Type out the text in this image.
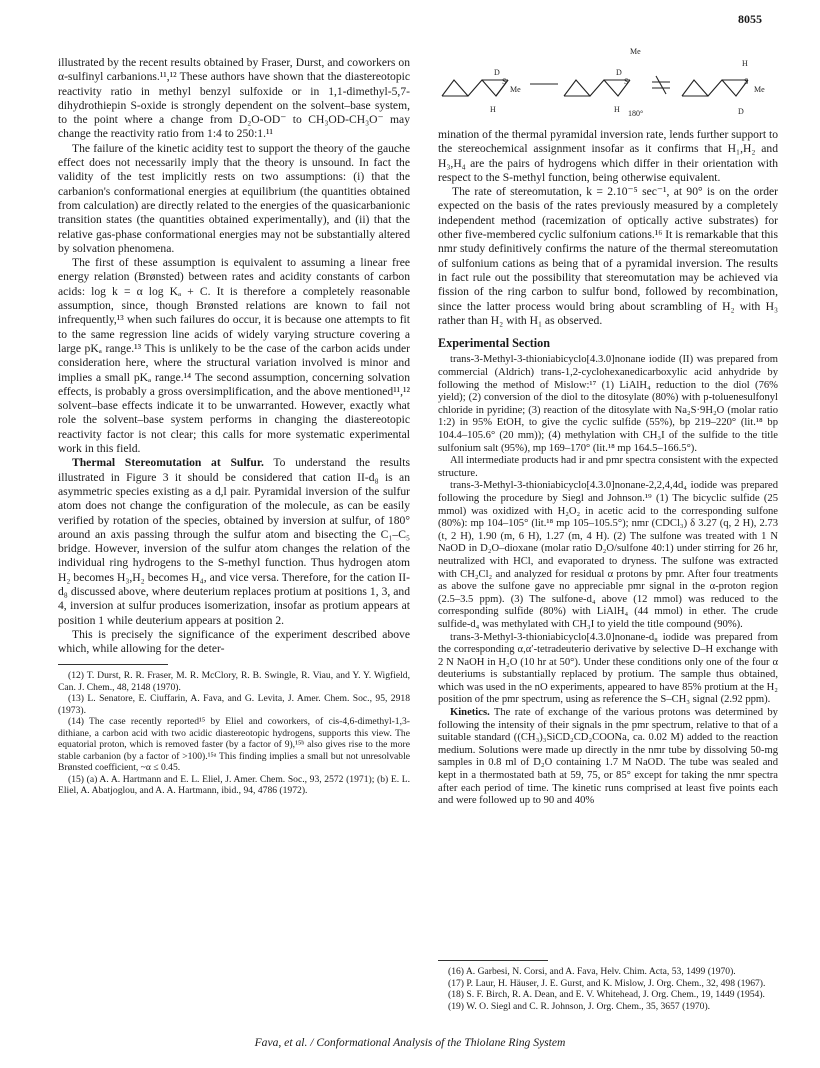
8055
D
S
Me
H
D
S
Me
H 180°
H
S
Me
D

illustrated by the recent results obtained by Fraser, Durst, and coworkers on α-sulfinyl carbanions.¹¹,¹² These authors have shown that the diastereotopic reactivity ratio in methyl benzyl sulfoxide or in 1,1-dimethyl-5,7-dihydrothiepin S-oxide is strongly dependent on the solvent–base system, to the point where a change from D₂O-OD⁻ to CH₃OD-CH₃O⁻ may change the reactivity ratio from 1:4 to 250:1.¹¹

The failure of the kinetic acidity test to support the theory of the gauche effect does not necessarily imply that the theory is unsound. In fact the validity of the test implicitly rests on two assumptions: (i) that the carbanion's conformational energies at equilibrium (the quantities obtained from calculation) are directly related to the energies of the quasicarbanionic transition states (the quantities obtained experimentally), and (ii) that the relative gas-phase conformational energies may not be substantially altered by solvation phenomena.

The first of these assumption is equivalent to assuming a linear free energy relation (Brønsted) between rates and acidity constants of carbon acids: log k = α log Kₐ + C. It is therefore a completely reasonable assumption, since, though Brønsted relations are known to fail not infrequently,¹³ when such failures do occur, it is because one attempts to fit to the same regression line acids of widely varying structure covering a large pKₐ range.¹³ This is unlikely to be the case of the carbon acids under consideration here, where the structural variation involved is minor and implies a small pKₐ range.¹⁴ The second assumption, concerning solvation effects, is probably a gross oversimplification, and the above mentioned¹¹,¹² solvent–base effects indicate it to be unwarranted. However, exactly what role the solvent–base system performs in changing the diastereotopic reactivity factor is not clear; this calls for more systematic experimental work in this field.

Thermal Stereomutation at Sulfur. To understand the results illustrated in Figure 3 it should be considered that cation II-d₈ is an asymmetric species existing as a d,l pair. Pyramidal inversion of the sulfur atom does not change the configuration of the molecule, as can be easily verified by rotation of the species, obtained by inversion at sulfur, of 180° around an axis passing through the sulfur atom and bisecting the C₁–C₅ bridge. However, inversion of the sulfur atom changes the relation of the individual ring hydrogens to the S-methyl function. Thus hydrogen atom H₂ becomes H₃,H₂ becomes H₄, and vice versa. Therefore, for the cation II-d₈ discussed above, where deuterium replaces protium at positions 1, 3, and 4, inversion at sulfur produces isomerization, insofar as protium appears at position 1 while deuterium appears at position 2.

This is precisely the significance of the experiment described above which, while allowing for the deter-

(12) T. Durst, R. R. Fraser, M. R. McClory, R. B. Swingle, R. Viau, and Y. Y. Wigfield, Can. J. Chem., 48, 2148 (1970).

(13) L. Senatore, E. Ciuffarin, A. Fava, and G. Levita, J. Amer. Chem. Soc., 95, 2918 (1973).

(14) The case recently reported¹⁵ by Eliel and coworkers, of cis-4,6-dimethyl-1,3-dithiane, a carbon acid with two acidic diastereotopic hydrogens, supports this view. The equatorial proton, which is removed faster (by a factor of 9),¹⁵ᵇ also gives rise to the more stable carbanion (by a factor of >100).¹⁵ᵃ This finding implies a small but not unresolvable Brønsted coefficient, ~α ≤ 0.45.

(15) (a) A. A. Hartmann and E. L. Eliel, J. Amer. Chem. Soc., 93, 2572 (1971); (b) E. L. Eliel, A. Abatjoglou, and A. A. Hartmann, ibid., 94, 4786 (1972).

mination of the thermal pyramidal inversion rate, lends further support to the stereochemical assignment insofar as it confirms that H₁,H₂ and H₃,H₄ are the pairs of hydrogens which differ in their orientation with respect to the S-methyl function, being otherwise equivalent.

The rate of stereomutation, k = 2.10⁻⁵ sec⁻¹, at 90° is on the order expected on the basis of the rates previously measured by a completely independent method (racemization of optically active substrates) for other five-membered cyclic sulfonium cations.¹⁶ It is remarkable that this nmr study definitively confirms the nature of the thermal stereomutation of sulfonium cations as being that of a pyramidal inversion. The results in fact rule out the possibility that stereomutation may be achieved via fission of the ring carbon to sulfur bond, followed by recombination, since the latter process would bring about scrambling of H₂ with H₃ rather than H₂ with H₁ as observed.

Experimental Section

trans-3-Methyl-3-thioniabicyclo[4.3.0]nonane iodide (II) was prepared from commercial (Aldrich) trans-1,2-cyclohexanedicarboxylic acid anhydride by following the method of Mislow:¹⁷ (1) LiAlH₄ reduction to the diol (76% yield); (2) conversion of the diol to the ditosylate (80%) with p-toluenesulfonyl chloride in pyridine; (3) reaction of the ditosylate with Na₂S·9H₂O (molar ratio 1:2) in 95% EtOH, to give the cyclic sulfide (55%), bp 219–220° (lit.¹⁸ bp 104.4–105.6° (20 mm)); (4) methylation with CH₃I of the sulfide to the title sulfonium salt (95%), mp 169–170° (lit.¹⁸ mp 164.5–166.5°).

All intermediate products had ir and pmr spectra consistent with the expected structure.

trans-3-Methyl-3-thioniabicyclo[4.3.0]nonane-2,2,4,4d₄ iodide was prepared following the procedure by Siegl and Johnson.¹⁹ (1) The bicyclic sulfide (25 mmol) was oxidized with H₂O₂ in acetic acid to the corresponding sulfone (80%): mp 104–105° (lit.¹⁸ mp 105–105.5°); nmr (CDCl₃) δ 3.27 (q, 2 H), 2.73 (t, 2 H), 1.90 (m, 6 H), 1.27 (m, 4 H). (2) The sulfone was treated with 1 N NaOD in D₂O–dioxane (molar ratio D₂O/sulfone 40:1) under stirring for 26 hr, neutralized with HCl, and evaporated to dryness. The sulfone was extracted with CH₂Cl₂ and analyzed for residual α protons by pmr. After four treatments as above the sulfone gave no appreciable pmr signal in the α-proton region (2.5–3.5 ppm). (3) The sulfone-d₄ above (12 mmol) was reduced to the corresponding sulfide (80%) with LiAlH₄ (44 mmol) in ether. The crude sulfide-d₄ was methylated with CH₃I to yield the title compound (90%).

trans-3-Methyl-3-thioniabicyclo[4.3.0]nonane-d₈ iodide was prepared from the corresponding α,α′-tetradeuterio derivative by selective D–H exchange with 2 N NaOH in H₂O (10 hr at 50°). Under these conditions only one of the four α deuteriums is substantially replaced by protium. The sample thus obtained, which was used in the nO experiments, appeared to have 85% protium at the H₂ position of the pmr spectrum, using as reference the S–CH₃ signal (2.92 ppm).

Kinetics. The rate of exchange of the various protons was determined by following the intensity of their signals in the pmr spectrum, relative to that of a suitable standard ((CH₃)₃SiCD₂CD₂COONa, ca. 0.02 M) added to the reaction medium. Solutions were made up directly in the nmr tube by dissolving 50-mg samples in 0.8 ml of D₂O containing 1.7 M NaOD. The tube was sealed and kept in a thermostated bath at 59, 75, or 85° except for taking the nmr spectra after each period of time. The kinetic runs comprised at least five points each and were followed up to 90 and 40%

(16) A. Garbesi, N. Corsi, and A. Fava, Helv. Chim. Acta, 53, 1499 (1970).

(17) P. Laur, H. Häuser, J. E. Gurst, and K. Mislow, J. Org. Chem., 32, 498 (1967).

(18) S. F. Birch, R. A. Dean, and E. V. Whitehead, J. Org. Chem., 19, 1449 (1954).

(19) W. O. Siegl and C. R. Johnson, J. Org. Chem., 35, 3657 (1970).

Fava, et al. / Conformational Analysis of the Thiolane Ring System
